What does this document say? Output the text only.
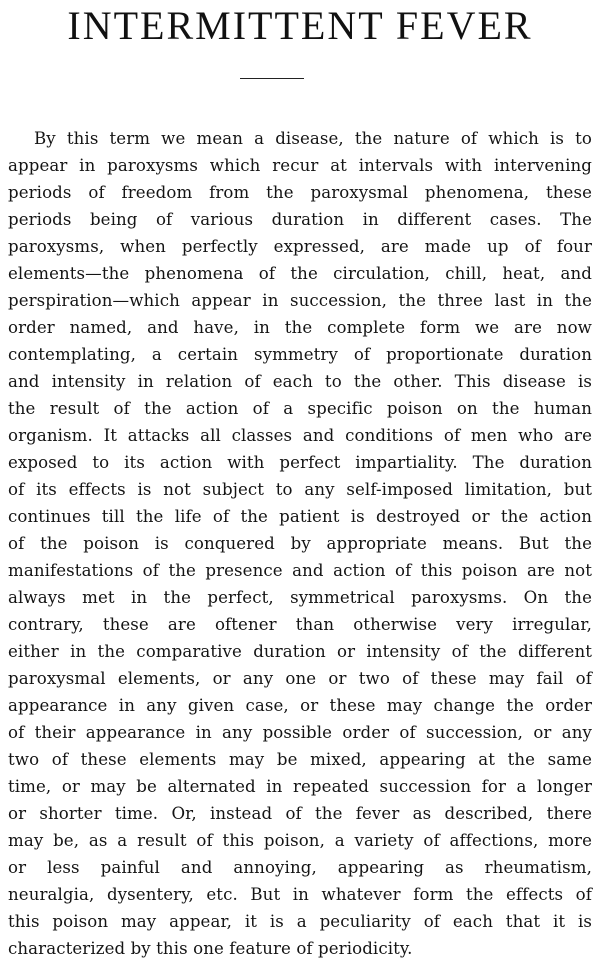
INTERMITTENT FEVER
By this term we mean a disease, the nature of which is to
appear in paroxysms which recur at intervals with intervening
periods of freedom from the paroxysmal phenomena, these
periods being of various duration in different cases. The
paroxysms, when perfectly expressed, are made up of four
elements—the phenomena of the circulation, chill, heat, and
perspiration—which appear in succession, the three last in the
order named, and have, in the complete form we are now
contemplating, a certain symmetry of proportionate duration
and intensity in relation of each to the other. This disease is
the result of the action of a specific poison on the human
organism. It attacks all classes and conditions of men who are
exposed to its action with perfect impartiality. The duration
of its effects is not subject to any self-imposed limitation, but
continues till the life of the patient is destroyed or the action
of the poison is conquered by appropriate means. But the
manifestations of the presence and action of this poison are not
always met in the perfect, symmetrical paroxysms. On the
contrary, these are oftener than otherwise very irregular,
either in the comparative duration or intensity of the different
paroxysmal elements, or any one or two of these may fail of
appearance in any given case, or these may change the order
of their appearance in any possible order of succession, or any
two of these elements may be mixed, appearing at the same
time, or may be alternated in repeated succession for a longer
or shorter time. Or, instead of the fever as described, there
may be, as a result of this poison, a variety of affections, more
or less painful and annoying, appearing as rheumatism,
neuralgia, dysentery, etc. But in whatever form the effects of
this poison may appear, it is a peculiarity of each that it is
characterized by this one feature of periodicity.
